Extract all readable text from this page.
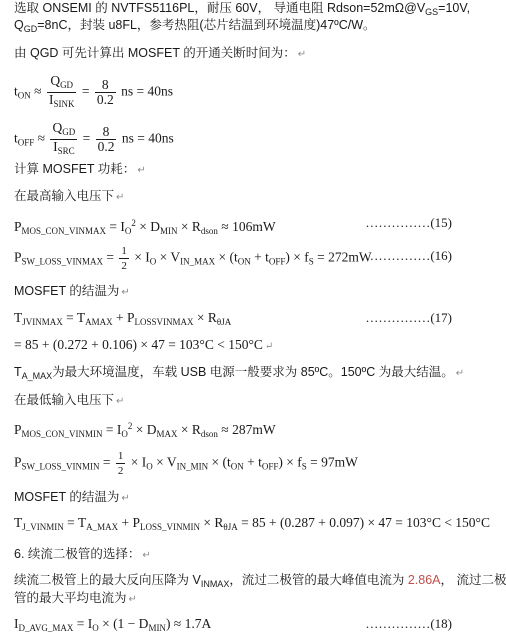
选取 ONSEMI 的 NVTFS5116PL，耐压 60V， 导通电阻 $Rdson=52m\Omega@V_{GS}=10V$,
$Q_{GD}=8nC$，封装 u8FL，参考热阻(芯片结温到环境温度)47ºC/W。
由 QGD 可先计算出 MOSFET 的开通关断时间为： ↵
$t_{ON} \approx \frac{Q_{GD}}{I_{SINK}} = \frac{8}{0.2}$ ns = 40ns
$t_{OFF} \approx \frac{Q_{GD}}{I_{SRC}} = \frac{8}{0.2}$ ns = 40ns
计算 MOSFET 功耗： ↵
在最高输入电压下 ↵
$P_{MOS\_CON\_VINMAX} = I_O^2 \times D_{MIN} \times R_{dson} \approx 106mW$	……………(15)
$P_{SW\_LOSS\_VINMAX} = \frac{1}{2} \times I_O \times V_{IN\_MAX} \times (t_{ON} + t_{OFF}) \times f_S = 272mW$
……………(16)
MOSFET 的结温为 ↵
$T_{JVINMAX} = T_{AMAX} + P_{LOSSVINMAX} \times R_{\theta JA}$	……………(17)
= 85 + (0.272 + 0.106) × 47 = 103°C < 150°C ↵
$T_{A\_MAX}$为最大环境温度，车载 USB 电源一般要求为 85ºC。150ºC 为最大结温。 ↵
在最低输入电压下 ↵
$P_{MOS\_CON\_VINMIN} = I_O^2 \times D_{MAX} \times R_{dson} \approx 287mW$
$P_{SW\_LOSS\_VINMIN} = \frac{1}{2} \times I_O \times V_{IN\_MIN} \times (t_{ON} + t_{OFF}) \times f_S = 97mW$
MOSFET 的结温为 ↵
$T_{J\_VINMIN} = T_{A\_MAX} + P_{LOSS\_VINMIN} \times R_{\theta JA} = 85 + (0.287 + 0.097) \times 47 = 103^\circ C < 150^\circ C$
6. 续流二极管的选择： ↵
续流二极管上的最大反向压降为 $V_{INMAX}$，流过二极管的最大峰值电流为 2.86A， 流过二极
管的最大平均电流为 ↵
$I_{D\_AVG\_MAX} = I_O \times (1 - D_{MIN}) \approx 1.7A$	……………(18)
